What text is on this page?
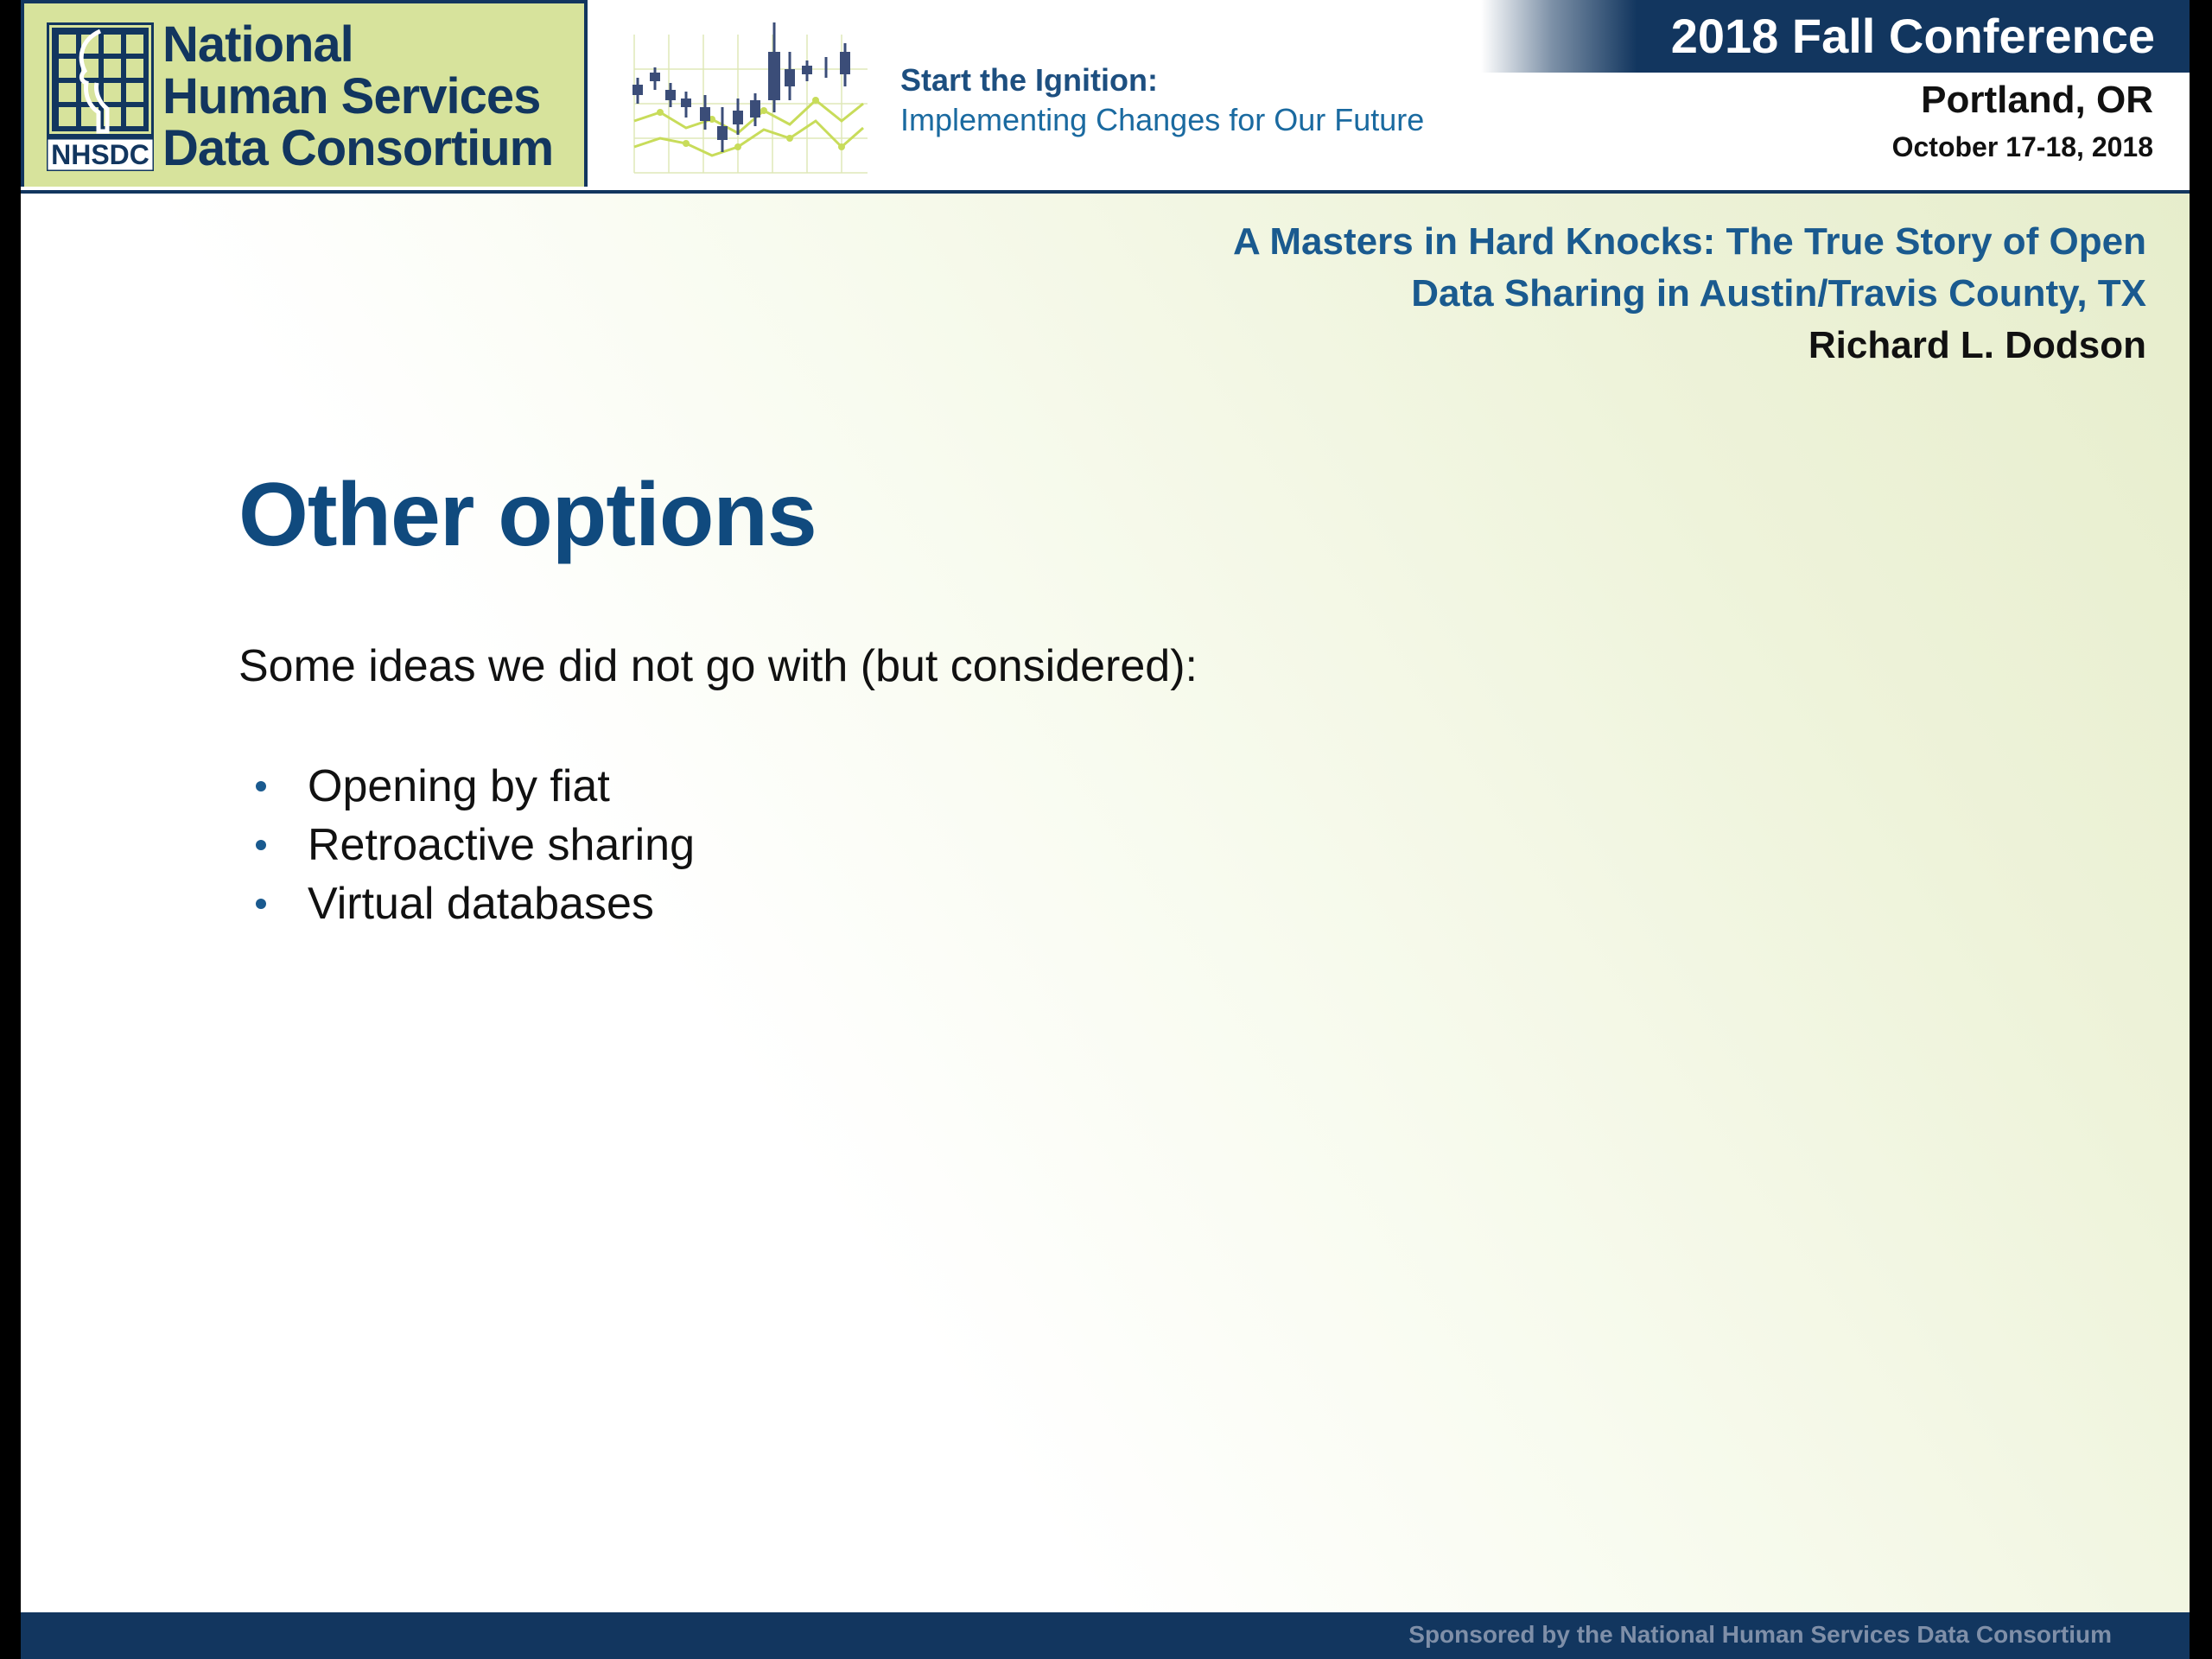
NHSDC
National
Human Services
Data Consortium
Start the Ignition:
Implementing Changes for Our Future
2018 Fall Conference
Portland, OR
October 17-18, 2018
A Masters in Hard Knocks: The True Story of Open
Data Sharing in Austin/Travis County, TX
Richard L. Dodson
Other options
Some ideas we did not go with (but considered):
Opening by fiat
Retroactive sharing
Virtual databases
Sponsored by the National Human Services Data Consortium
